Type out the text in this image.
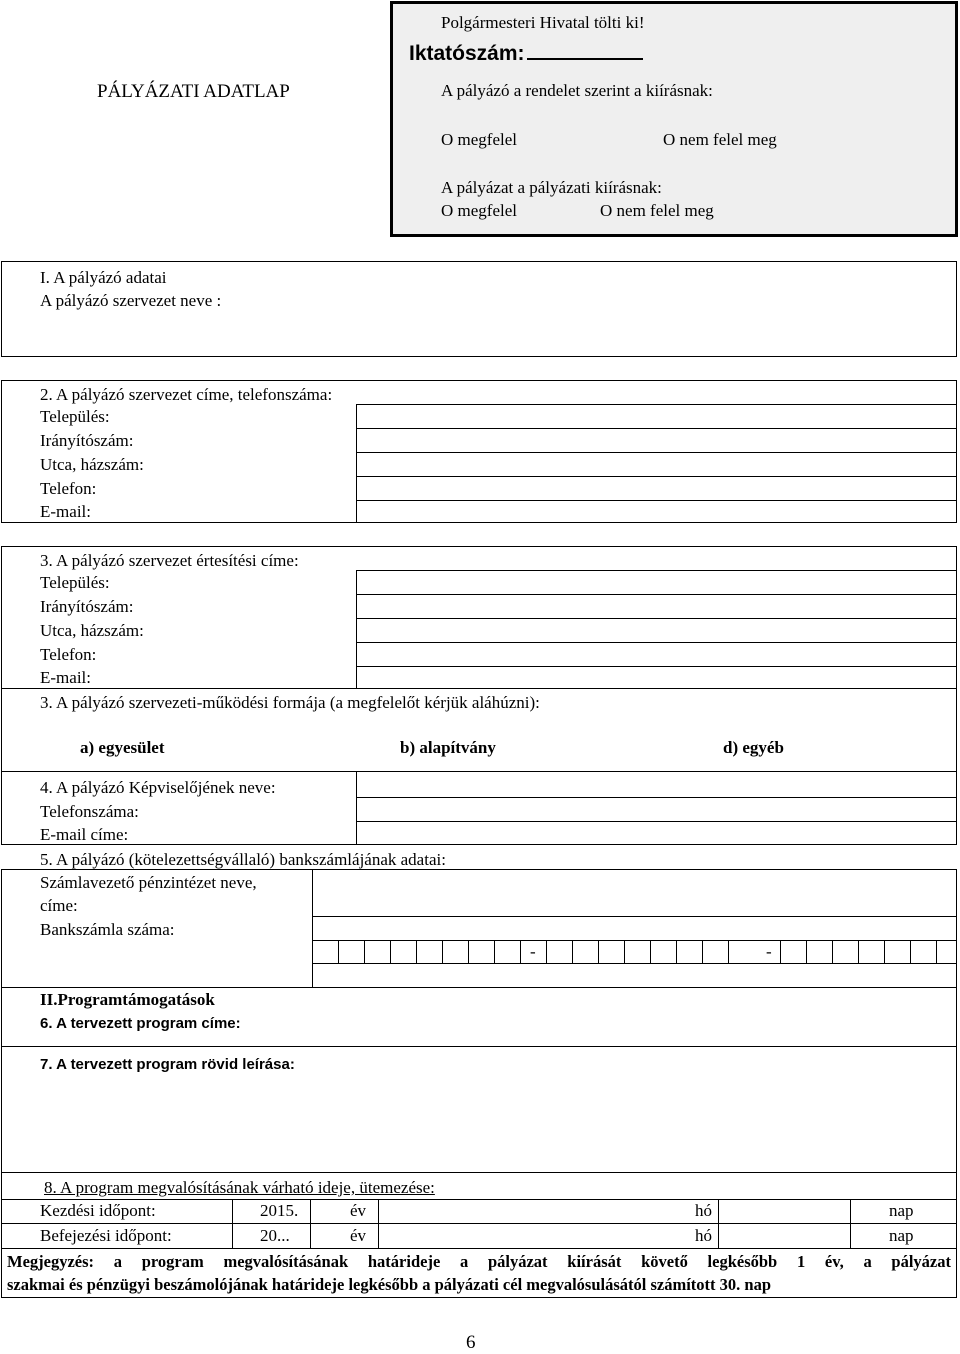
PÁLYÁZATI ADATLAP
Polgármesteri Hivatal tölti ki!
Iktatószám:
A pályázó a rendelet szerint a kiírásnak:
O megfelel	O nem felel meg
A pályázat a pályázati kiírásnak:
O megfelel	O nem felel meg
I. A pályázó adatai
A pályázó szervezet neve :
2. A pályázó szervezet címe, telefonszáma:
Település:
Irányítószám:
Utca, házszám:
Telefon:
E-mail:
3. A pályázó szervezet értesítési címe:
Település:
Irányítószám:
Utca, házszám:
Telefon:
E-mail:
3. A pályázó szervezeti-működési formája (a megfelelőt kérjük aláhúzni):
a) egyesület	b) alapítvány	d) egyéb
4. A pályázó Képviselőjének neve:
Telefonszáma:
E-mail címe:
5. A pályázó (kötelezettségvállaló) bankszámlájának adatai:
Számlavezető pénzintézet neve,
címe:
Bankszámla száma:
-	-
II.Programtámogatások
6. A tervezett program címe:
7. A tervezett program rövid leírása:
8. A program megvalósításának várható ideje, ütemezése:
Kezdési időpont:	2015.	év	hó	nap
Befejezési időpont:	20...	év	hó	nap
Megjegyzés: a program megvalósításának határideje a pályázat kiírását követő legkésőbb 1 év, a pályázat
szakmai és pénzügyi beszámolójának határideje legkésőbb a pályázati cél megvalósulásától számított 30. nap
6
